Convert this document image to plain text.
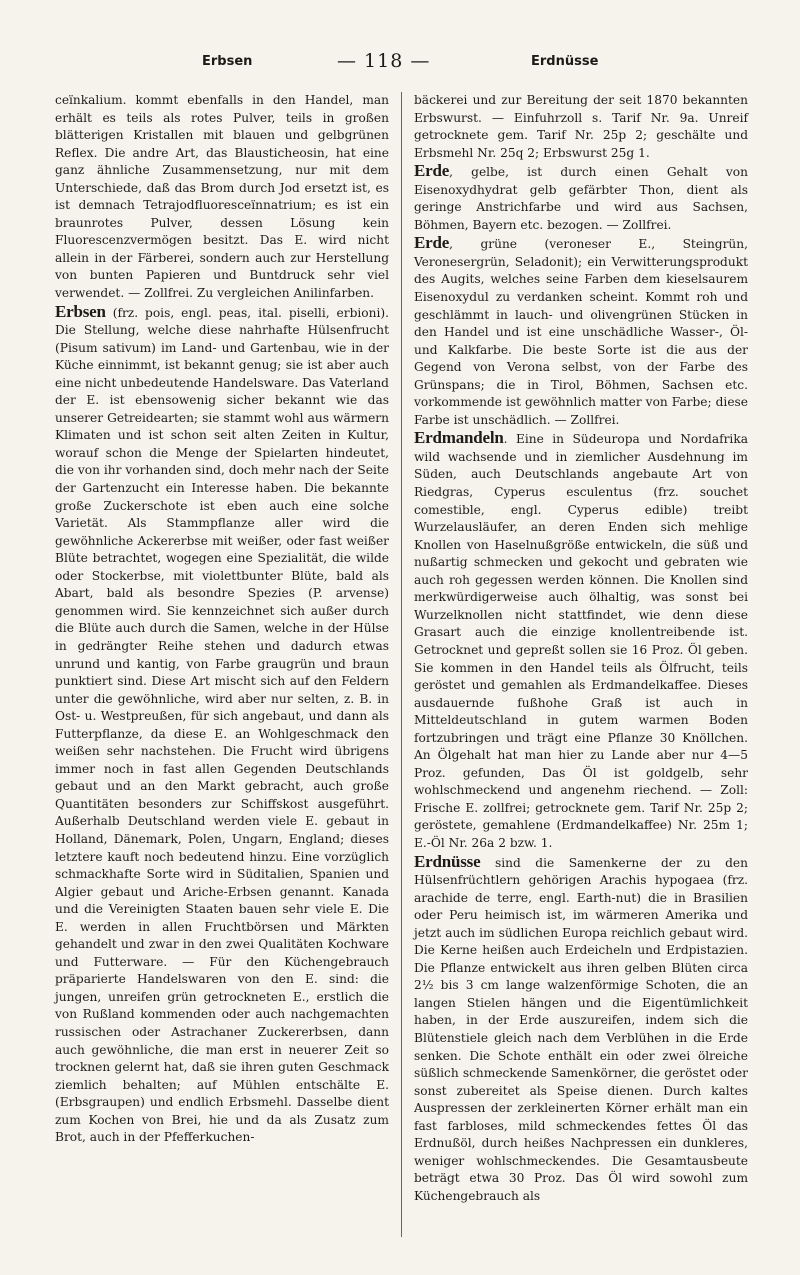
Erbsen	— 118 —	Erdnüsse

ceïnkalium. kommt ebenfalls in den Handel, man erhält es teils als rotes Pulver, teils in großen blätterigen Kristallen mit blauen und gelbgrünen Reflex. Die andre Art, das Blausticheosin, hat eine ganz ähnliche Zusammensetzung, nur mit dem Unterschiede, daß das Brom durch Jod ersetzt ist, es ist demnach Tetrajodfluoresceïnnatrium; es ist ein braunrotes Pulver, dessen Lösung kein Fluorescenzvermögen besitzt. Das E. wird nicht allein in der Färberei, sondern auch zur Herstellung von bunten Papieren und Buntdruck sehr viel verwendet. — Zollfrei. Zu vergleichen Anilinfarben.

Erbsen (frz. pois, engl. peas, ital. piselli, erbioni). Die Stellung, welche diese nahrhafte Hülsenfrucht (Pisum sativum) im Land- und Gartenbau, wie in der Küche einnimmt, ist bekannt genug; sie ist aber auch eine nicht unbedeutende Handelsware. Das Vaterland der E. ist ebensowenig sicher bekannt wie das unserer Getreidearten; sie stammt wohl aus wärmern Klimaten und ist schon seit alten Zeiten in Kultur, worauf schon die Menge der Spielarten hindeutet, die von ihr vorhanden sind, doch mehr nach der Seite der Gartenzucht ein Interesse haben. Die bekannte große Zuckerschote ist eben auch eine solche Varietät. Als Stammpflanze aller wird die gewöhnliche Ackererbse mit weißer, oder fast weißer Blüte betrachtet, wogegen eine Spezialität, die wilde oder Stockerbse, mit violettbunter Blüte, bald als Abart, bald als besondre Spezies (P. arvense) genommen wird. Sie kennzeichnet sich außer durch die Blüte auch durch die Samen, welche in der Hülse in gedrängter Reihe stehen und dadurch etwas unrund und kantig, von Farbe graugrün und braun punktiert sind. Diese Art mischt sich auf den Feldern unter die gewöhnliche, wird aber nur selten, z. B. in Ost- u. Westpreußen, für sich angebaut, und dann als Futterpflanze, da diese E. an Wohlgeschmack den weißen sehr nachstehen. Die Frucht wird übrigens immer noch in fast allen Gegenden Deutschlands gebaut und an den Markt gebracht, auch große Quantitäten besonders zur Schiffskost ausgeführt. Außerhalb Deutschland werden viele E. gebaut in Holland, Dänemark, Polen, Ungarn, England; dieses letztere kauft noch bedeutend hinzu. Eine vorzüglich schmackhafte Sorte wird in Süditalien, Spanien und Algier gebaut und Ariche-Erbsen genannt. Kanada und die Vereinigten Staaten bauen sehr viele E. Die E. werden in allen Fruchtbörsen und Märkten gehandelt und zwar in den zwei Qualitäten Kochware und Futterware. — Für den Küchengebrauch präparierte Handelswaren von den E. sind: die jungen, unreifen grün getrockneten E., erstlich die von Rußland kommenden oder auch nachgemachten russischen oder Astrachaner Zuckererbsen, dann auch gewöhnliche, die man erst in neuerer Zeit so trocknen gelernt hat, daß sie ihren guten Geschmack ziemlich behalten; auf Mühlen entschälte E. (Erbsgraupen) und endlich Erbsmehl. Dasselbe dient zum Kochen von Brei, hie und da als Zusatz zum Brot, auch in der Pfefferkuchen-

bäckerei und zur Bereitung der seit 1870 bekannten Erbswurst. — Einfuhrzoll s. Tarif Nr. 9a. Unreif getrocknete gem. Tarif Nr. 25p 2; geschälte und Erbsmehl Nr. 25q 2; Erbswurst 25g 1.

Erde, gelbe, ist durch einen Gehalt von Eisenoxydhydrat gelb gefärbter Thon, dient als geringe Anstrichfarbe und wird aus Sachsen, Böhmen, Bayern etc. bezogen. — Zollfrei.

Erde, grüne (veroneser E., Steingrün, Veronesergrün, Seladonit); ein Verwitterungsprodukt des Augits, welches seine Farben dem kieselsaurem Eisenoxydul zu verdanken scheint. Kommt roh und geschlämmt in lauch- und olivengrünen Stücken in den Handel und ist eine unschädliche Wasser-, Öl- und Kalkfarbe. Die beste Sorte ist die aus der Gegend von Verona selbst, von der Farbe des Grünspans; die in Tirol, Böhmen, Sachsen etc. vorkommende ist gewöhnlich matter von Farbe; diese Farbe ist unschädlich. — Zollfrei.

Erdmandeln. Eine in Südeuropa und Nordafrika wild wachsende und in ziemlicher Ausdehnung im Süden, auch Deutschlands angebaute Art von Riedgras, Cyperus esculentus (frz. souchet comestible, engl. Cyperus edible) treibt Wurzelausläufer, an deren Enden sich mehlige Knollen von Haselnußgröße entwickeln, die süß und nußartig schmecken und gekocht und gebraten wie auch roh gegessen werden können. Die Knollen sind merkwürdigerweise auch ölhaltig, was sonst bei Wurzelknollen nicht stattfindet, wie denn diese Grasart auch die einzige knollentreibende ist. Getrocknet und gepreßt sollen sie 16 Proz. Öl geben. Sie kommen in den Handel teils als Ölfrucht, teils geröstet und gemahlen als Erdmandelkaffee. Dieses ausdauernde fußhohe Graß ist auch in Mitteldeutschland in gutem warmen Boden fortzubringen und trägt eine Pflanze 30 Knöllchen. An Ölgehalt hat man hier zu Lande aber nur 4—5 Proz. gefunden, Das Öl ist goldgelb, sehr wohlschmeckend und angenehm riechend. — Zoll: Frische E. zollfrei; getrocknete gem. Tarif Nr. 25p 2; geröstete, gemahlene (Erdmandelkaffee) Nr. 25m 1; E.-Öl Nr. 26a 2 bzw. 1.

Erdnüsse sind die Samenkerne der zu den Hülsenfrüchtlern gehörigen Arachis hypogaea (frz. arachide de terre, engl. Earth-nut) die in Brasilien oder Peru heimisch ist, im wärmeren Amerika und jetzt auch im südlichen Europa reichlich gebaut wird. Die Kerne heißen auch Erdeicheln und Erdpistazien. Die Pflanze entwickelt aus ihren gelben Blüten circa 2½ bis 3 cm lange walzenförmige Schoten, die an langen Stielen hängen und die Eigentümlichkeit haben, in der Erde auszureifen, indem sich die Blütenstiele gleich nach dem Verblühen in die Erde senken. Die Schote enthält ein oder zwei ölreiche süßlich schmeckende Samenkörner, die geröstet oder sonst zubereitet als Speise dienen. Durch kaltes Auspressen der zerkleinerten Körner erhält man ein fast farbloses, mild schmeckendes fettes Öl das Erdnußöl, durch heißes Nachpressen ein dunkleres, weniger wohlschmeckendes. Die Gesamtausbeute beträgt etwa 30 Proz. Das Öl wird sowohl zum Küchengebrauch als
